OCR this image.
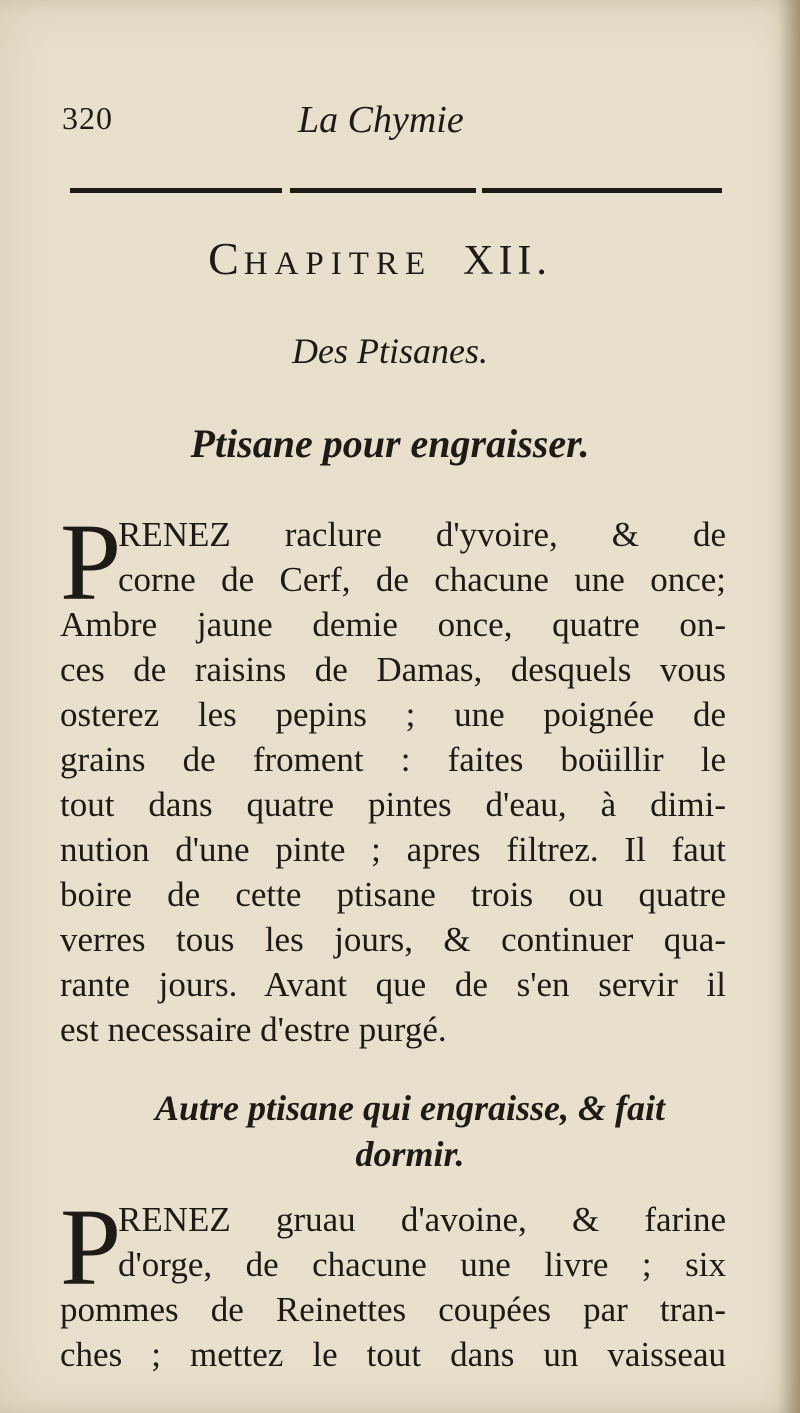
320	La Chymie
CHAPITRE XII.
Des Ptisanes.
Ptisane pour engraisser.
P
RENEZ raclure d'yvoire, & de
corne de Cerf, de chacune une once;
Ambre jaune demie once, quatre on-
ces de raisins de Damas, desquels vous
osterez les pepins ; une poignée de
grains de froment : faites boüillir le
tout dans quatre pintes d'eau, à dimi-
nution d'une pinte ; apres filtrez. Il faut
boire de cette ptisane trois ou quatre
verres tous les jours, & continuer qua-
rante jours. Avant que de s'en servir il
est necessaire d'estre purgé.
Autre ptisane qui engraisse, & fait
dormir.
P
RENEZ gruau d'avoine, & farine
d'orge, de chacune une livre ; six
pommes de Reinettes coupées par tran-
ches ; mettez le tout dans un vaisseau
